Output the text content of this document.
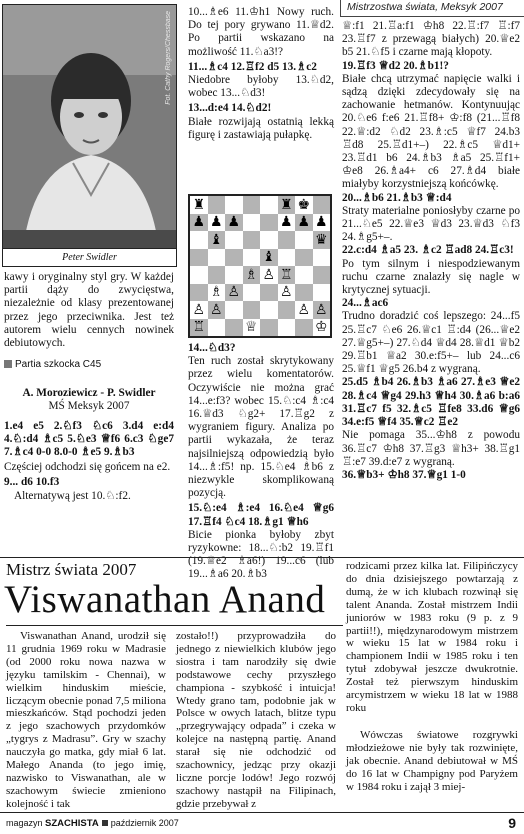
Mistrzostwa świata, Meksyk 2007
Fot. Cathy Rogers/Chessbase
Peter Swidler

kawy i oryginalny styl gry. W każdej partii dąży do zwycięstwa, niezależnie od klasy prezentowanej przez jego przeciwnika. Jest też autorem wielu cennych nowinek debiutowych.

Partia szkocka C45

A. Moroziewicz - P. Swidler

MŚ Meksyk 2007

1.e4 e5 2.♘f3 ♘c6 3.d4 e:d4 4.♘:d4 ♗c5 5.♘e3 ♕f6 6.c3 ♘ge7 7.♗c4 0-0 8.0-0 ♗e5 9.♗b3

Częściej odchodzi się gońcem na e2.

9... d6 10.f3

Alternatywą jest 10.♘:f2.

10...♗e6 11.♔h1 Nowy ruch. Do tej pory grywano 11.♕d2. Po partii wskazano na możliwość 11.♘a3!?

11...♗c4 12.♖f2 d5 13.♗c2

Niedobre byłoby 13.♘d2, wobec 13...♘d3!

13...d:e4 14.♘d2!

Białe rozwijają ostatnią lekką figurę i zastawiają pułapkę.

♜	♜ ♚
♟ ♟ ♟	♟ ♟ ♟
♝	♛
♝
♗ ♙ ♖
♗ ♙	♙
♙ ♙	♙ ♙
♖	♕	♔

14...♘d3?

Ten ruch został skrytykowany przez wielu komentatorów. Oczywiście nie można grać 14...e:f3? wobec 15.♘:c4 ♗:c4 16.♕d3 ♘g2+ 17.♖g2 z wygraniem figury. Analiza po partii wykazała, że teraz najsilniejszą odpowiedzią było 14...♗:f5! np. 15.♘e4 ♗b6 z niezwykle skomplikowaną pozycją.

15.♘:e4 ♗:e4 16.♘e4 ♕g6 17.♖f4 ♘c4 18.♗g1 ♕h6

Bicie pionka byłoby zbyt ryzykowne: 18...♘:b2 19.♖f1 (19.♕e2 ♗a6!) 19...c6 (lub 19...♗a6 20.♗b3

♕:f1 21.♖a:f1 ♔h8 22.♖:f7 ♖:f7 23.♖f7 z przewagą białych) 20.♕e2 b5 21.♘f5 i czarne mają kłopoty.

19.♖f3 ♕d2 20.♗b1!?

Białe chcą utrzymać napięcie walki i sądzą dzięki zdecydowały się na zachowanie hetmanów. Kontynuując 20.♘e6 f:e6 21.♖f8+ ♔:f8 (21...♖f8 22.♕:d2 ♘d2 23.♗:c5 ♕f7 24.b3 ♖d8 25.♖d1+–) 22.♗c5 ♕d1+ 23.♖d1 b6 24.♗b3 ♗a5 25.♖f1+ ♔e8 26.♗a4+ c6 27.♗d4 białe miałyby korzystniejszą końcówkę.

20...♗b6 21.♗b3 ♕:d4

Straty materialne poniosłyby czarne po 21...♘e5 22.♕e3 ♕d3 23.♕d3 ♘f3 24.♗g5+–.

22.c:d4 ♗a5 23. ♗c2 ♖ad8 24.♖c3!

Po tym silnym i niespodziewanym ruchu czarne znalazły się nagle w krytycznej sytuacji.

24...♗ac6

Trudno doradzić coś lepszego: 24...f5 25.♖c7 ♘e6 26.♕c1 ♖:d4 (26...♕e2 27.♕g5+–) 27.♘d4 ♕d4 28.♕d1 ♕b2 29.♖b1 ♕a2 30.e:f5+– lub 24...c6 25.♕f1 ♕g5 26.b4 z wygraną.

25.d5 ♗b4 26.♗b3 ♗a6 27.♗e3 ♕e2 28.♗c4 ♕g4 29.h3 ♕h4 30.♗a6 b:a6 31.♖c7 f5 32.♗c5 ♖fe8 33.d6 ♕g6 34.e:f5 ♕f4 35.♕c2 ♖e2

Nie pomaga 35...♔h8 z powodu 36.♖c7 ♔h8 37.♖g3 ♕h3+ 38.♖g1 ♖:e7 39.d:e7 z wygraną.

36.♕b3+ ♔h8 37.♕g1 1-0

Mistrz świata 2007
Viswanathan Anand

Viswanathan Anand, urodził się 11 grudnia 1969 roku w Madrasie (od 2000 roku nowa nazwa w języku tamilskim - Chennai), w wielkim hinduskim mieście, liczącym obecnie ponad 7,5 miliona mieszkańców. Stąd pochodzi jeden z jego szachowych przydomków „tygrys z Madrasu”. Gry w szachy nauczyła go matka, gdy miał 6 lat. Małego Ananda (to jego imię, nazwisko to Viswanathan, ale w szachowym świecie zmieniono kolejność i tak

zostało!!) przyprowadziła do jednego z niewielkich klubów jego siostra i tam narodziły się dwie podstawowe cechy przyszłego championa - szybkość i intuicja! Wtedy grano tam, podobnie jak w Polsce w owych latach, blitze typu „przegrywający odpada” i czeka w kolejce na następną partię. Anand starał się nie odchodzić od szachownicy, jedząc przy okazji liczne porcje lodów! Jego rozwój szachowy nastąpił na Filipinach, gdzie przebywał z

rodzicami przez kilka lat. Filipińczycy do dnia dzisiejszego powtarzają z dumą, że w ich klubach rozwinął się talent Ananda. Został mistrzem Indii juniorów w 1983 roku (9 p. z 9 partii!!), międzynarodowym mistrzem w wieku 15 lat w 1984 roku i championem Indii w 1985 roku i ten tytuł zdobywał jeszcze dwukrotnie. Został też pierwszym hinduskim arcymistrzem w wieku 18 lat w 1988 roku

Wówczas światowe rozgrywki młodzieżowe nie były tak rozwinięte, jak obecnie. Anand debiutował w MŚ do 16 lat w Champigny pod Paryżem w 1984 roku i zajął 3 miej-

magazyn SZACHISTA październik 2007	9
